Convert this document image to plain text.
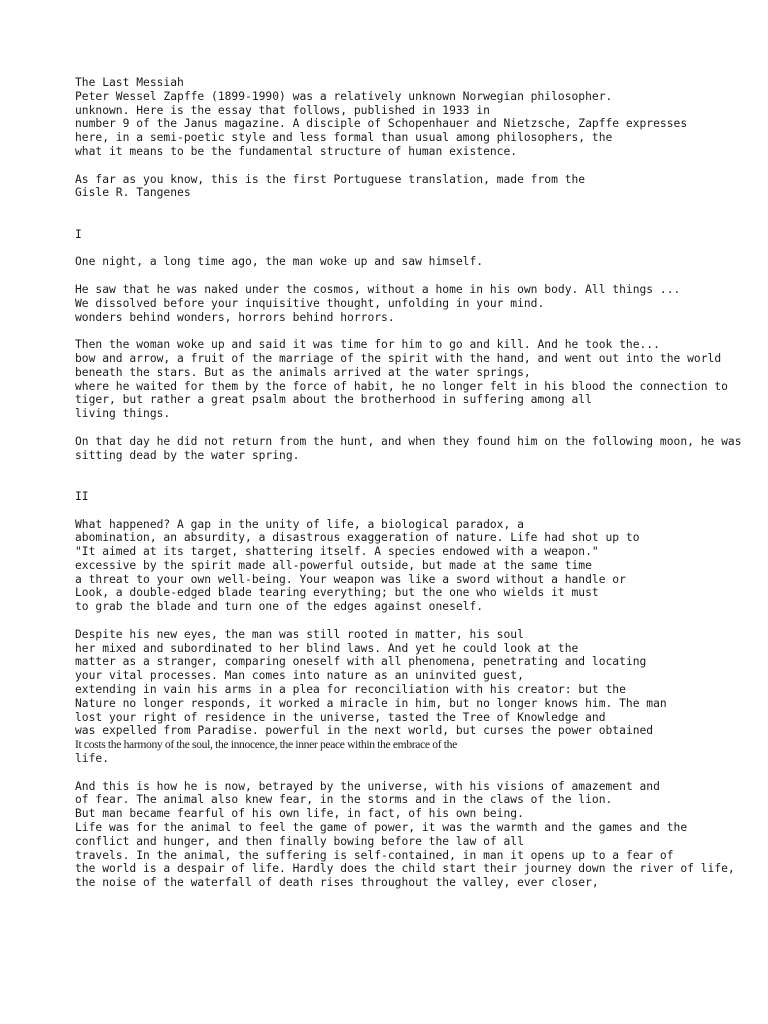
The Last Messiah
Peter Wessel Zapffe (1899-1990) was a relatively unknown Norwegian philosopher.
unknown. Here is the essay that follows, published in 1933 in
number 9 of the Janus magazine. A disciple of Schopenhauer and Nietzsche, Zapffe expresses
here, in a semi-poetic style and less formal than usual among philosophers, the
what it means to be the fundamental structure of human existence.
As far as you know, this is the first Portuguese translation, made from the
Gisle R. Tangenes
I
One night, a long time ago, the man woke up and saw himself.
He saw that he was naked under the cosmos, without a home in his own body. All things ...
We dissolved before your inquisitive thought, unfolding in your mind.
wonders behind wonders, horrors behind horrors.
Then the woman woke up and said it was time for him to go and kill. And he took the...
bow and arrow, a fruit of the marriage of the spirit with the hand, and went out into the world
beneath the stars. But as the animals arrived at the water springs,
where he waited for them by the force of habit, he no longer felt in his blood the connection to
tiger, but rather a great psalm about the brotherhood in suffering among all
living things.
On that day he did not return from the hunt, and when they found him on the following moon, he was
sitting dead by the water spring.
II
What happened? A gap in the unity of life, a biological paradox, a
abomination, an absurdity, a disastrous exaggeration of nature. Life had shot up to
"It aimed at its target, shattering itself. A species endowed with a weapon."
excessive by the spirit made all-powerful outside, but made at the same time
a threat to your own well-being. Your weapon was like a sword without a handle or
Look, a double-edged blade tearing everything; but the one who wields it must
to grab the blade and turn one of the edges against oneself.
Despite his new eyes, the man was still rooted in matter, his soul
her mixed and subordinated to her blind laws. And yet he could look at the
matter as a stranger, comparing oneself with all phenomena, penetrating and locating
your vital processes. Man comes into nature as an uninvited guest,
extending in vain his arms in a plea for reconciliation with his creator: but the
Nature no longer responds, it worked a miracle in him, but no longer knows him. The man
lost your right of residence in the universe, tasted the Tree of Knowledge and
was expelled from Paradise. powerful in the next world, but curses the power obtained
It costs the harmony of the soul, the innocence, the inner peace within the embrace of the
life.
And this is how he is now, betrayed by the universe, with his visions of amazement and
of fear. The animal also knew fear, in the storms and in the claws of the lion.
But man became fearful of his own life, in fact, of his own being.
Life was for the animal to feel the game of power, it was the warmth and the games and the
conflict and hunger, and then finally bowing before the law of all
travels. In the animal, the suffering is self-contained, in man it opens up to a fear of
the world is a despair of life. Hardly does the child start their journey down the river of life,
the noise of the waterfall of death rises throughout the valley, ever closer,
